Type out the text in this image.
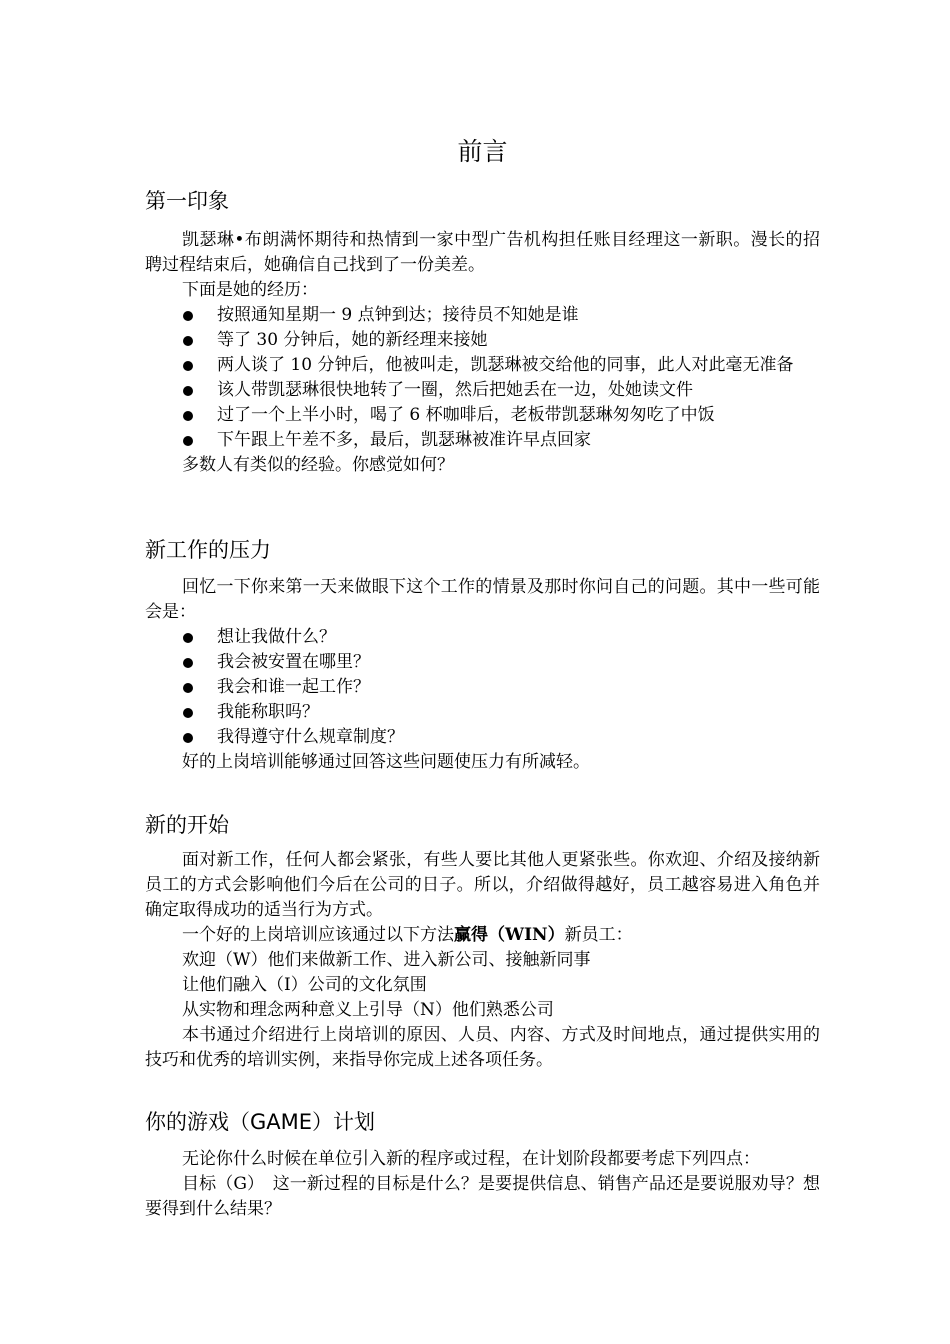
前言
第一印象

凯瑟琳•布朗满怀期待和热情到一家中型广告机构担任账目经理这一新职。漫长的招聘过程结束后，她确信自己找到了一份美差。

下面是她的经历：

按照通知星期一 9 点钟到达；接待员不知她是谁
等了 30 分钟后，她的新经理来接她
两人谈了 10 分钟后，他被叫走，凯瑟琳被交给他的同事，此人对此毫无准备
该人带凯瑟琳很快地转了一圈，然后把她丢在一边，处她读文件
过了一个上半小时，喝了 6 杯咖啡后，老板带凯瑟琳匆匆吃了中饭
下午跟上午差不多，最后，凯瑟琳被准许早点回家

多数人有类似的经验。你感觉如何？

新工作的压力

回忆一下你来第一天来做眼下这个工作的情景及那时你问自己的问题。其中一些可能会是：

想让我做什么？
我会被安置在哪里？
我会和谁一起工作？
我能称职吗？
我得遵守什么规章制度？

好的上岗培训能够通过回答这些问题使压力有所减轻。

新的开始

面对新工作，任何人都会紧张，有些人要比其他人更紧张些。你欢迎、介绍及接纳新员工的方式会影响他们今后在公司的日子。所以，介绍做得越好，员工越容易进入角色并确定取得成功的适当行为方式。

一个好的上岗培训应该通过以下方法赢得（WIN）新员工：

欢迎（W）他们来做新工作、进入新公司、接触新同事

让他们融入（I）公司的文化氛围

从实物和理念两种意义上引导（N）他们熟悉公司

本书通过介绍进行上岗培训的原因、人员、内容、方式及时间地点，通过提供实用的技巧和优秀的培训实例，来指导你完成上述各项任务。

你的游戏（GAME）计划

无论你什么时候在单位引入新的程序或过程，在计划阶段都要考虑下列四点：

目标（G）　这一新过程的目标是什么？是要提供信息、销售产品还是要说服劝导？想要得到什么结果？
